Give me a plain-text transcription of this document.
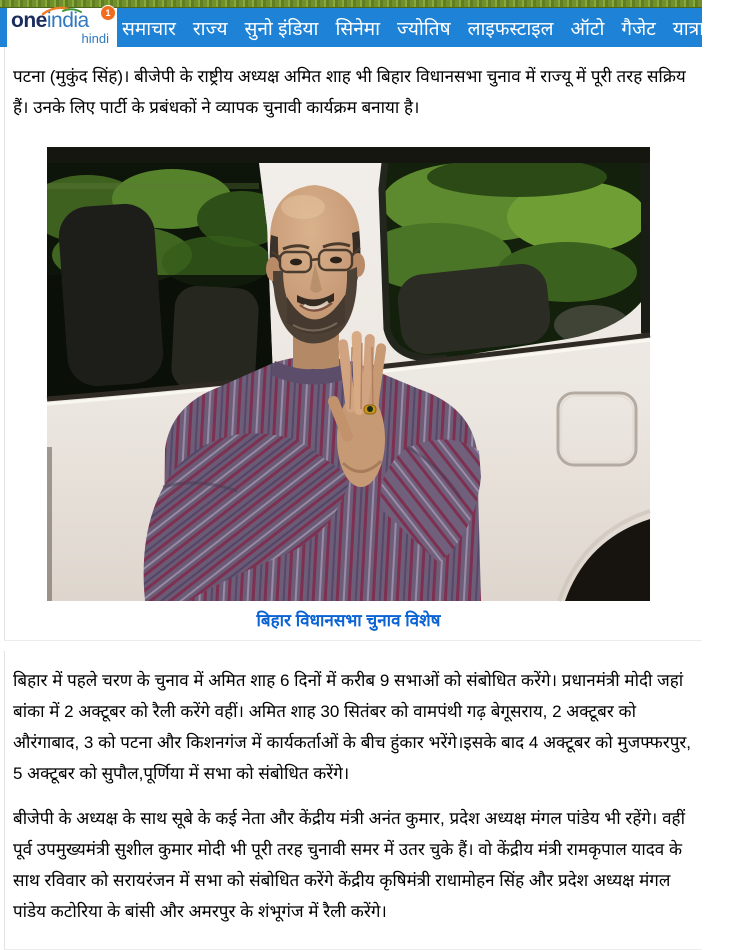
oneindia	1
hindi समाचार राज्य सुनो इंडिया सिनेमा ज्योतिष लाइफस्टाइल ऑटो गैजेट यात्रा गैत

पटना (मुकुंद सिंह)। बीजेपी के राष्ट्रीय अध्यक्ष अमित शाह भी बिहार विधानसभा चुनाव में राज्यू में पूरी तरह सक्रिय हैं। उनके लिए पार्टी के प्रबंधकों ने व्यापक चुनावी कार्यक्रम बनाया है।

बिहार विधानसभा चुनाव विशेष

बिहार में पहले चरण के चुनाव में अमित शाह 6 दिनों में करीब 9 सभाओं को संबोधित करेंगे। प्रधानमंत्री मोदी जहां बांका में 2 अक्टूबर को रैली करेंगे वहीं। अमित शाह 30 सितंबर को वामपंथी गढ़ बेगूसराय, 2 अक्टूबर को औरंगाबाद, 3 को पटना और किशनगंज में कार्यकर्ताओं के बीच हुंकार भरेंगे।इसके बाद 4 अक्टूबर को मुजफ्फरपुर, 5 अक्टूबर को सुपौल,पूर्णिया में सभा को संबोधित करेंगे।

बीजेपी के अध्यक्ष के साथ सूबे के कई नेता और केंद्रीय मंत्री अनंत कुमार, प्रदेश अध्यक्ष मंगल पांडेय भी रहेंगे। वहीं पूर्व उपमुख्यमंत्री सुशील कुमार मोदी भी पूरी तरह चुनावी समर में उतर चुके हैं। वो केंद्रीय मंत्री रामकृपाल यादव के साथ रविवार को सरायरंजन में सभा को संबोधित करेंगे केंद्रीय कृषिमंत्री राधामोहन सिंह और प्रदेश अध्यक्ष मंगल पांडेय कटोरिया के बांसी और अमरपुर के शंभूगंज में रैली करेंगे।
